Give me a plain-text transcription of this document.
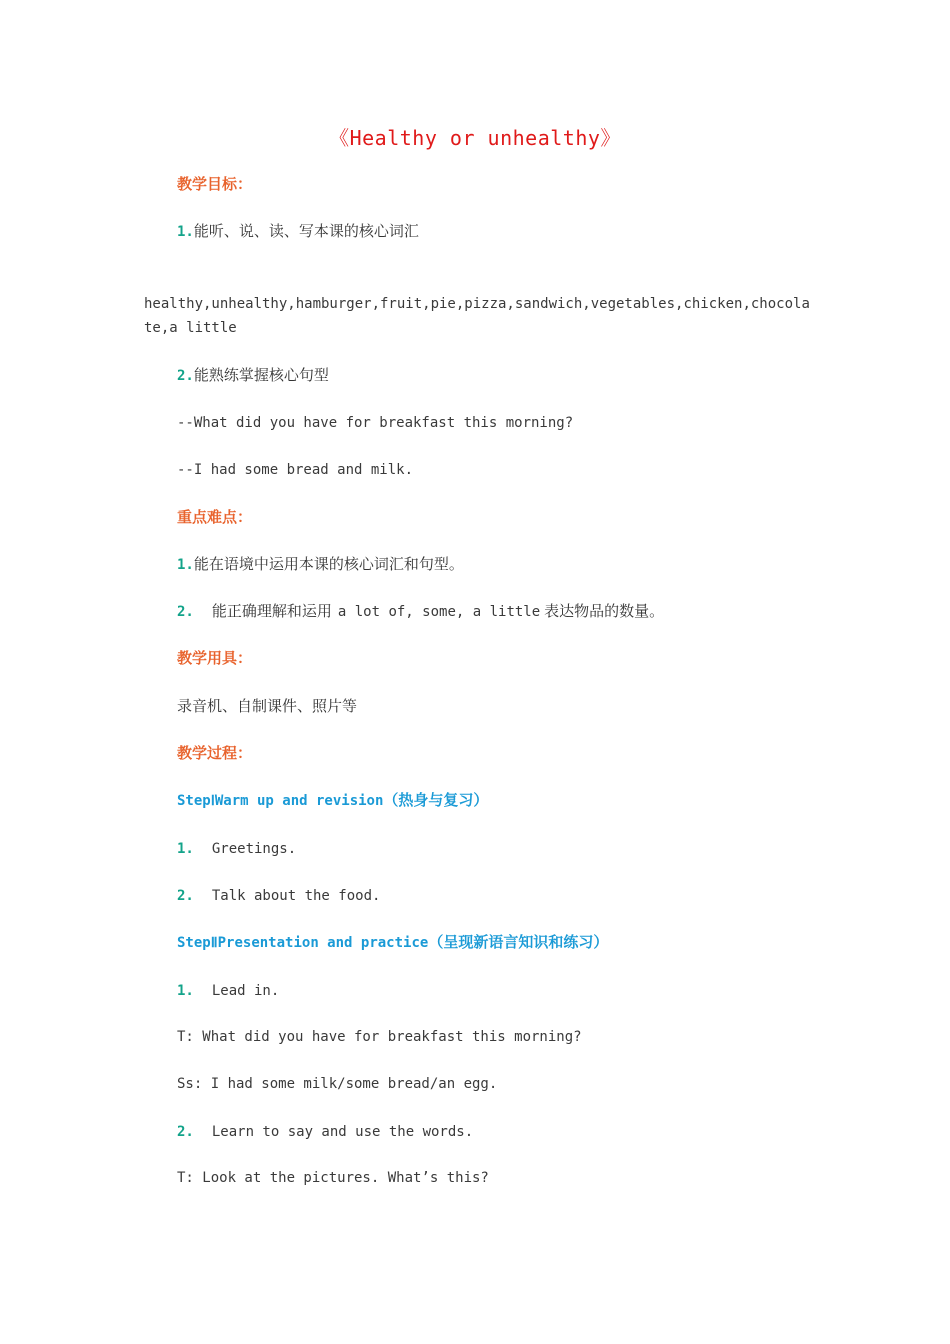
《Healthy or unhealthy》
教学目标：
1.能听、说、读、写本课的核心词汇
healthy,unhealthy,hamburger,fruit,pie,pizza,sandwich,vegetables,chicken,chocolate,a little
2.能熟练掌握核心句型
--What did you have for breakfast this morning?
--I had some bread and milk.
重点难点：
1.能在语境中运用本课的核心词汇和句型。
2. 能正确理解和运用 a lot of, some, a little 表达物品的数量。
教学用具：
录音机、自制课件、照片等
教学过程：
StepⅠWarm up and revision（热身与复习）
1. Greetings.
2. Talk about the food.
StepⅡPresentation and practice（呈现新语言知识和练习）
1. Lead in.
T: What did you have for breakfast this morning?
Ss: I had some milk/some bread/an egg.
2. Learn to say and use the words.
T: Look at the pictures. What’s this?
